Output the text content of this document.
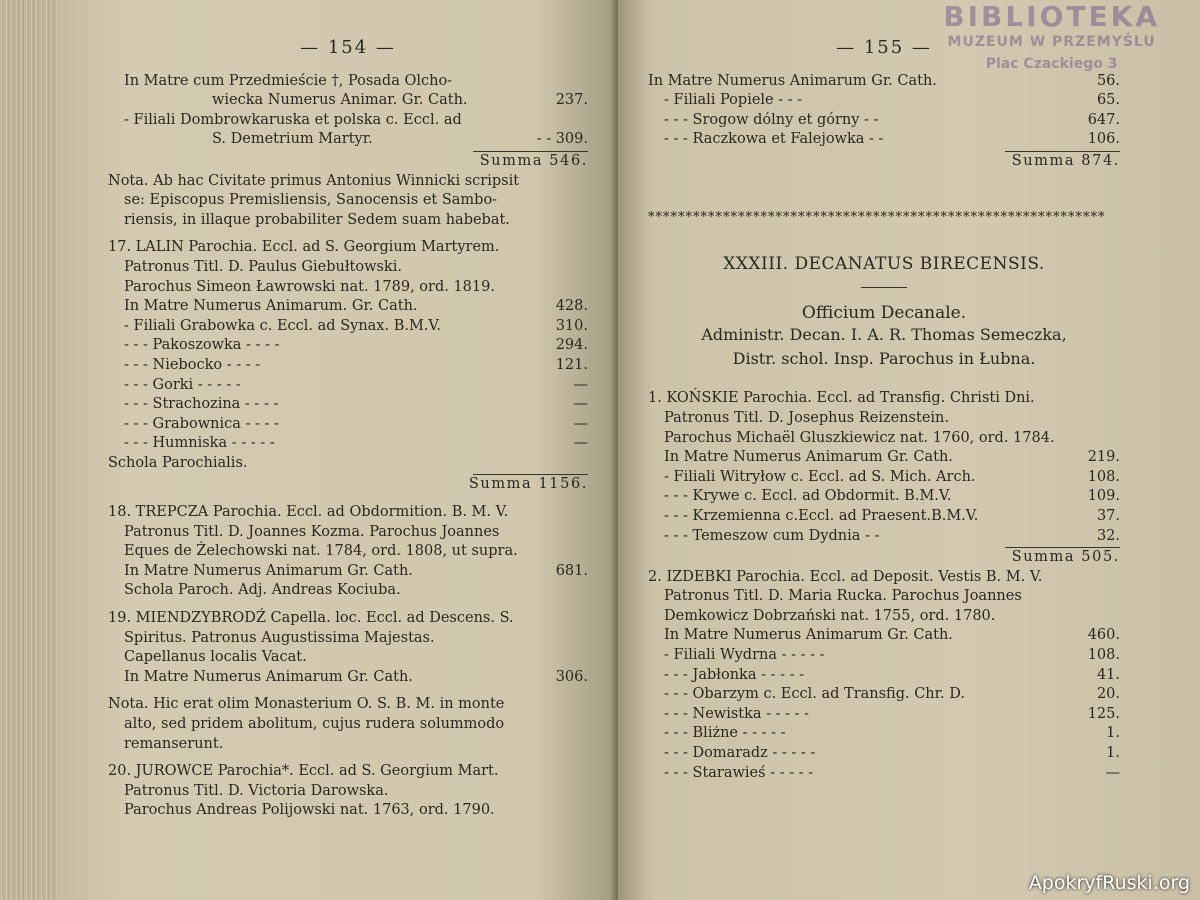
— 154 —
In Matre cum Przedmieście †, Posada Olcho-
wiecka Numerus Animar. Gr. Cath.	237.
- Filiali Dombrowkaruska et polska c. Eccl. ad
S. Demetrium Martyr.	- - 309.
Summa 546.
Nota. Ab hac Civitate primus Antonius Winnicki scripsit
se: Episcopus Premisliensis, Sanocensis et Sambo-
riensis, in illaque probabiliter Sedem suam habebat.
17. LALIN Parochia. Eccl. ad S. Georgium Martyrem.
Patronus Titl. D. Paulus Giebułtowski.
Parochus Simeon Ławrowski nat. 1789, ord. 1819.
In Matre Numerus Animarum. Gr. Cath.	428.
- Filiali Grabowka c. Eccl. ad Synax. B.M.V.	310.
- - - Pakoszowka - - - -	294.
- - - Niebocko - - - -	121.
- - - Gorki - - - - -	—
- - - Strachozina - - - -	—
- - - Grabownica - - - -	—
- - - Humniska - - - - -	—
Schola Parochialis.
Summa 1156.
18. TREPCZA Parochia. Eccl. ad Obdormition. B. M. V.
Patronus Titl. D. Joannes Kozma. Parochus Joannes
Eques de Żelechowski nat. 1784, ord. 1808, ut supra.
In Matre Numerus Animarum Gr. Cath.	681.
Schola Paroch. Adj. Andreas Kociuba.
19. MIENDZYBRODŹ Capella. loc. Eccl. ad Descens. S.
Spiritus. Patronus Augustissima Majestas.
Capellanus localis Vacat.
In Matre Numerus Animarum Gr. Cath.	306.
Nota. Hic erat olim Monasterium O. S. B. M. in monte
alto, sed pridem abolitum, cujus rudera solummodo
remanserunt.
20. JUROWCE Parochia*. Eccl. ad S. Georgium Mart.
Patronus Titl. D. Victoria Darowska.
Parochus Andreas Polijowski nat. 1763, ord. 1790.
BIBLIOTEKA
MUZEUM W PRZEMYŚLU
Plac Czackiego 3
— 155 —
In Matre Numerus Animarum Gr. Cath.	56.
- Filiali Popiele - - -	65.
- - - Srogow dólny et górny - -	647.
- - - Raczkowa et Falejowka - -	106.
Summa 874.
*************************************************************
XXXIII. DECANATUS BIRECENSIS.
Officium Decanale.
Administr. Decan. I. A. R. Thomas Semeczka,
Distr. schol. Insp. Parochus in Łubna.
1. KOŃSKIE Parochia. Eccl. ad Transfig. Christi Dni.
Patronus Titl. D. Josephus Reizenstein.
Parochus Michaël Gluszkiewicz nat. 1760, ord. 1784.
In Matre Numerus Animarum Gr. Cath.	219.
- Filiali Witryłow c. Eccl. ad S. Mich. Arch.	108.
- - - Krywe c. Eccl. ad Obdormit. B.M.V.	109.
- - - Krzemienna c.Eccl. ad Praesent.B.M.V.	37.
- - - Temeszow cum Dydnia - -	32.
Summa 505.
2. IZDEBKI Parochia. Eccl. ad Deposit. Vestis B. M. V.
Patronus Titl. D. Maria Rucka. Parochus Joannes
Demkowicz Dobrzański nat. 1755, ord. 1780.
In Matre Numerus Animarum Gr. Cath.	460.
- Filiali Wydrna - - - - -	108.
- - - Jabłonka - - - - -	41.
- - - Obarzym c. Eccl. ad Transfig. Chr. D.	20.
- - - Newistka - - - - -	125.
- - - Bliżne - - - - -	1.
- - - Domaradz - - - - -	1.
- - - Starawieś - - - - -	—
ApokryfRuski.org
